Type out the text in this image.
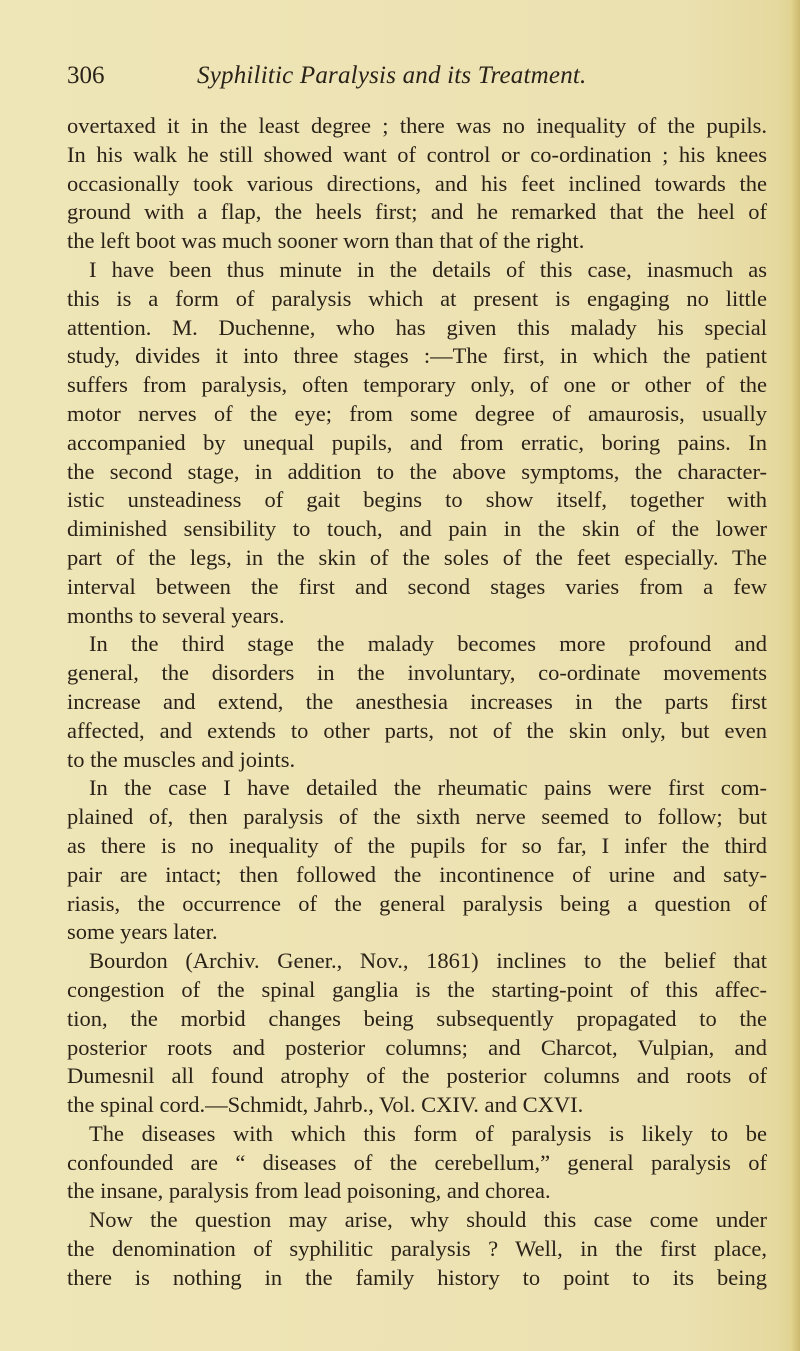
306	Syphilitic Paralysis and its Treatment.
overtaxed it in the least degree ; there was no inequality of the pupils.
In his walk he still showed want of control or co-ordination ; his knees
occasionally took various directions, and his feet inclined towards the
ground with a flap, the heels first; and he remarked that the heel of
the left boot was much sooner worn than that of the right.
I have been thus minute in the details of this case, inasmuch as
this is a form of paralysis which at present is engaging no little
attention. M. Duchenne, who has given this malady his special
study, divides it into three stages :—The first, in which the patient
suffers from paralysis, often temporary only, of one or other of the
motor nerves of the eye; from some degree of amaurosis, usually
accompanied by unequal pupils, and from erratic, boring pains. In
the second stage, in addition to the above symptoms, the character-
istic unsteadiness of gait begins to show itself, together with
diminished sensibility to touch, and pain in the skin of the lower
part of the legs, in the skin of the soles of the feet especially. The
interval between the first and second stages varies from a few
months to several years.
In the third stage the malady becomes more profound and
general, the disorders in the involuntary, co-ordinate movements
increase and extend, the anesthesia increases in the parts first
affected, and extends to other parts, not of the skin only, but even
to the muscles and joints.
In the case I have detailed the rheumatic pains were first com-
plained of, then paralysis of the sixth nerve seemed to follow; but
as there is no inequality of the pupils for so far, I infer the third
pair are intact; then followed the incontinence of urine and saty-
riasis, the occurrence of the general paralysis being a question of
some years later.
Bourdon (Archiv. Gener., Nov., 1861) inclines to the belief that
congestion of the spinal ganglia is the starting-point of this affec-
tion, the morbid changes being subsequently propagated to the
posterior roots and posterior columns; and Charcot, Vulpian, and
Dumesnil all found atrophy of the posterior columns and roots of
the spinal cord.—Schmidt, Jahrb., Vol. CXIV. and CXVI.
The diseases with which this form of paralysis is likely to be
confounded are “ diseases of the cerebellum,” general paralysis of
the insane, paralysis from lead poisoning, and chorea.
Now the question may arise, why should this case come under
the denomination of syphilitic paralysis ? Well, in the first place,
there is nothing in the family history to point to its being
